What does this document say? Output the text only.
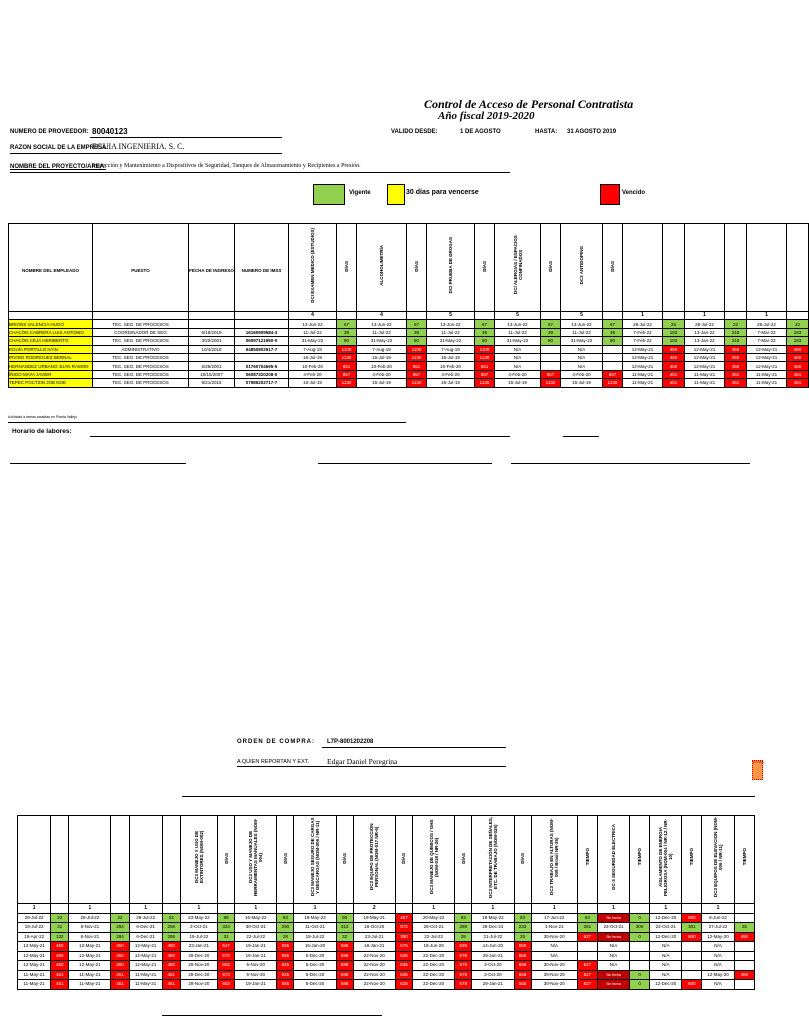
Control de Acceso de Personal Contratista
Año fiscal 2019-2020
NUMERO DE PROVEEDOR: 80040123
RAZON SOCIAL DE LA EMPRESA:
EGUIA INGENIERIA. S. C.
NOMBRE DEL PROYECTO/AREA:
Inspección y Mantenimiento a Dispositivos de Seguridad, Tanques de Almacenamiento y Recipientes a Presión.
VALIDO DESDE:	1 DE AGOSTO	HASTA: 31 AGOSTO 2019
Vigente	30 días para vencerse	Vencido
NOMBRE DEL EMPLEADO	PUESTO	FECHA DE INGRESO	NUMERO DE IMSS	DCI EXAMEN MEDICO (ESTUDIOS)	DÍAS	ALCOHOLIMETRÍA	DÍAS	DCI PRUEBA DE DROGAS	DÍAS	DCI ALERGIAS / ESPACIOS CONFINADOS	DÍAS	DC3 ANTIDOPING	DÍAS	PLAN DE RESPUESTA A EMERGENCIAS	TIEMPO	NORMAS GENERALES	TIEMPO	ENERGIAS	TIEMPO
				4		4		5		5		5		1		1		1	
BRIONS VALENCIA HUGO	TEC. SEG. DE PROCESOS			13-Jun-22	67	13-Jun-22	67	13-Jun-22	67	13-Jun-22	67	13-Jun-22	67	28-Jul-22	25	28-Jul-22	22	28-Jul-22	22
CHACÓN CABRERA LUIS ANTONIO	COORDINADOR DE SEG	6/18/2019	16160909584-3	11-Jul-22	39	11-Jul-22	39	11-Jul-22	39	11-Jul-22	39	11-Jul-22	39	7-Feb-22	183	13-Jan-22	218	7-Mar-22	183
CHACÓN CEJA HERIBERTO	TEC. SEG. DE PROCESOS	3/20/2001	06097121950-0	31-May-22	80	31-May-22	80	31-May-22	80	31-May-22	80	31-May-22	80	7-Feb-22	183	13-Jan-22	218	7-Mar-22	183
EGUÍA PORTILLO IVÁN	ADMINISTRATIVO	10/4/2018	64850802917-7	7-Aug-19	1100	7-Aug-19	1100	7-Aug-19	1100	N/A		N/A		12-May-21	450	12-May-21	450	12-May-21	450
IRVING RODRIGUEZ BERNAL	TEC. SEG. DE PROCESOS			16-Jul-19	1130	16-Jul-19	1130	16-Jul-19	1130	N/A		N/A		12-May-21	450	12-May-21	450	12-May-21	450
HERNANDEZ URBANO JUAN RAMON	TEC. SEG. DE PROCESOS	6/28/2001	01760704695-5	10-Feb-20	851	10-Feb-20	851	10-Feb-20	851	N/A		N/A		12-May-21	450	12-May-21	450	12-May-21	450
ÍÑIGO MAYA JAVIER	TEC. SEG. DE PROCESOS	10/15/2007	06087320208-0	4-Feb-20	857	4-Feb-20	857	4-Feb-20	857	4-Feb-20	857	4-Feb-20	857	11-May-21	451	11-May-21	451	11-May-21	451
TEPEC POCTZIN JOB NOE	TEC. SEG. DE PROCESOS	9/21/2015	07986202717-7	16-Jul-19	1130	16-Jul-19	1130	16-Jul-19	1130	16-Jul-19	1130	16-Jul-19	1130	11-May-21	451	11-May-21	451	11-May-21	451
Actividad a tareas amaldas en Planta Vallejo
Horario de labores:
ORDEN DE COMPRA: L7P-8001202208
A QUIEN REPORTAN Y EXT. Edgar Daniel Peregrina	GLOBAL
SOS Y OYS	TIEMPO	AISLAMIENTO DE ENERGIA	TIEMPO	ARP CRP	TIEMPO	DC3 MANEJO Y USO DE EXTINTORES (NOM-002)	DÍAS	DC3 USO Y MANEJO DE HERRAMIENTAS MANUALES (NOM-004)	DÍAS	DC3 MANEJO SEGURO DE CARGAS Y DESCARGAS (NOM-006 / NR-11)	DÍAS	DC3 EQUIPO DE PROTECCIÓN PERSONAL (NOM-017 NR-6)	DÍAS	DC3 MANEJO DE QUÍMICOS / GHS (NOM-018 / NR-26)	DÍAS	DC3 INTERPRETACIÓN DE SEÑALES, ETC. DE TRABAJO (NOM-026)	DÍAS	DC3 TRABAJO EN ALTURAS (NOM-009 / Brasil NR-35)	TIEMPO	DC-3 SEGURIDAD ELECTRICA	TIEMPO	AISLAMIENTO DE ENERGIA PELIGROSA (NOM-004 / NR-12 / NR-10)	TIEMPO	DC3 EQUIPOS DE ELEVACION (NOM-006 / NR-11)	TIEMPO
1		1		1		1		1		1		2		1		1		1		1		1		1	
28-Jul-22	22	28-Jul-22	22	28-Jul-22	22	23-May-22	88	16-May-22	93	19-May-22	90	19-May-21	457	20-May-22	93	18-May-22	93	17-Jun-22	63	Sin fecha	0	12-Dec-20	600	8-Jun-22	
19-Jul-22	31	8-Nov-21	284	6-Dec-21	256	2-Oct-21	324	30-Oct-21	290	11-Oct-21	313	16-Oct-20	672	28-Oct-21	298	28-Dec-21	233	1-Nov-21	281	23-Oct-21	300	22-Oct-21	301	27-Jul-22	25
19-Apr-22	132	8-Nov-21	284	6-Dec-21	256	19-Jul-22	31	22-Jul-22	28	18-Jul-22	32	23-Jul-21	390	22-Jul-22	28	21-Jul-22	29	30-Nov-20	627	Sin fecha	0	12-Dec-20	600	12-May-20	450
12-May-21	450	12-May-21	450	12-May-21	450	23-Jan-21	547	19-Jan-21	555	16-Jan-20	558	18-Jan-21	576	18-Jun-20	538	14-Jun-20	550	N/A		N/A		N/A		N/A	
12-May-21	450	12-May-21	450	12-May-21	450	28-Dec-20	572	19-Jan-21	555	5-Dec-20	598	22-Nov-20	635	22-Dec-20	578	29-Jan-21	555	N/A		N/A		N/A		N/A	
12-May-21	450	12-May-21	450	12-May-21	450	28-Nov-20	602	6-Nov-20	625	5-Dec-20	598	22-Nov-20	635	22-Dec-20	578	3-Oct-20	658	30-Nov-20	627	N/A		N/A		N/A	
11-May-21	451	11-May-21	451	11-May-21	451	28-Dec-20	572	6-Nov-20	625	5-Dec-20	598	22-Nov-20	635	22-Dec-20	578	3-Oct-20	658	30-Nov-20	627	Sin fecha	0	N/A		12-May-20	450
11-May-21	451	11-May-21	451	11-May-21	451	28-Nov-20	602	19-Jan-21	555	5-Dec-20	598	22-Nov-20	635	22-Dec-20	578	29-Jan-21	555	30-Nov-20	627	Sin fecha	0	12-Dec-20	600	N/A	
